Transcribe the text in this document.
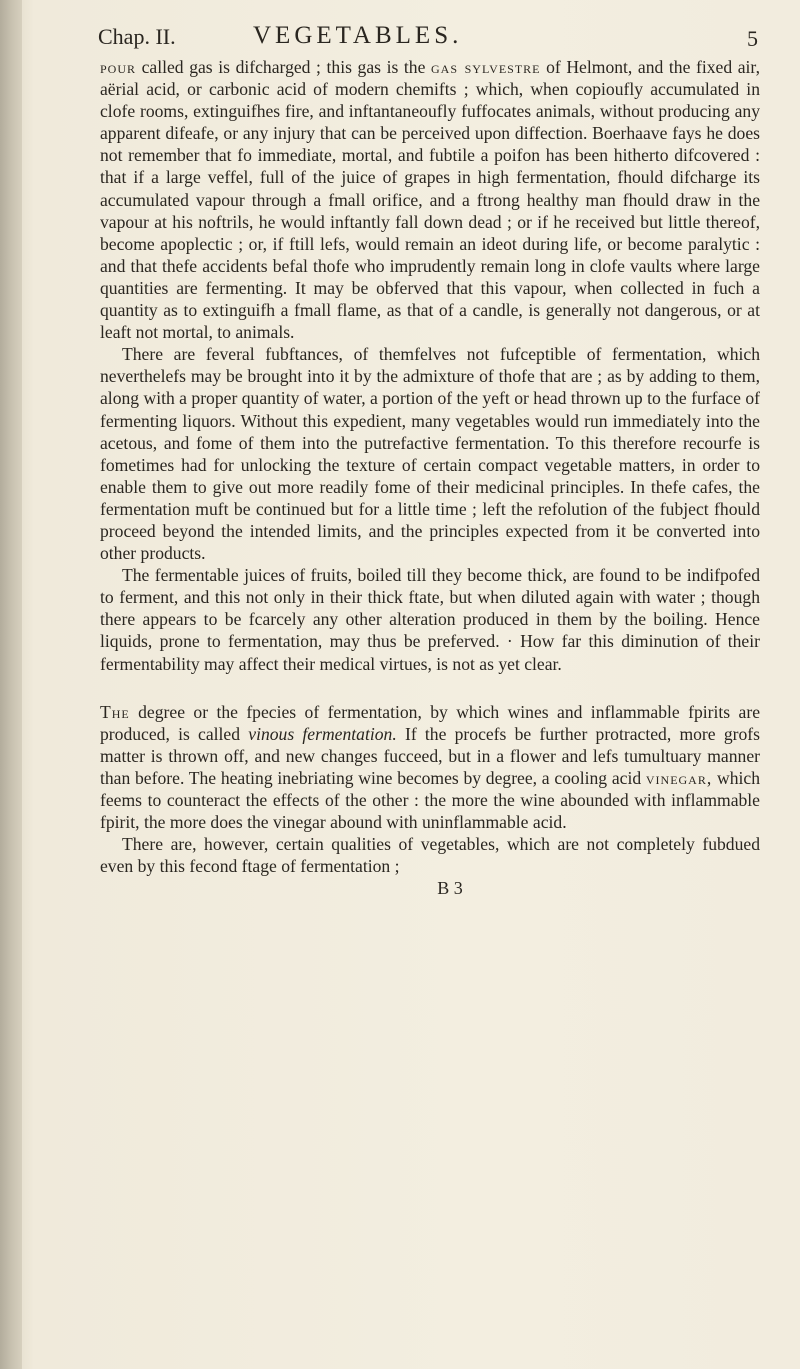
Chap. II.	VEGETABLES.	5

pour called gas is difcharged ; this gas is the gas sylvestre of Helmont, and the fixed air, aërial acid, or carbonic acid of modern chemifts ; which, when copioufly accumulated in clofe rooms, extinguifhes fire, and inftantaneoufly fuffocates animals, without producing any apparent difeafe, or any injury that can be perceived upon diffection. Boerhaave fays he does not remember that fo immediate, mortal, and fubtile a poifon has been hitherto difcovered : that if a large veffel, full of the juice of grapes in high fermentation, fhould difcharge its accumulated vapour through a fmall orifice, and a ftrong healthy man fhould draw in the vapour at his noftrils, he would inftantly fall down dead ; or if he received but little thereof, become apoplectic ; or, if ftill lefs, would remain an ideot during life, or become paralytic : and that thefe accidents befal thofe who imprudently remain long in clofe vaults where large quantities are fermenting. It may be obferved that this vapour, when collected in fuch a quantity as to extinguifh a fmall flame, as that of a candle, is generally not dangerous, or at leaft not mortal, to animals.

There are feveral fubftances, of themfelves not fufceptible of fermentation, which neverthelefs may be brought into it by the admixture of thofe that are ; as by adding to them, along with a proper quantity of water, a portion of the yeft or head thrown up to the furface of fermenting liquors. Without this expedient, many vegetables would run immediately into the acetous, and fome of them into the putrefactive fermentation. To this therefore recourfe is fometimes had for unlocking the texture of certain compact vegetable matters, in order to enable them to give out more readily fome of their medicinal principles. In thefe cafes, the fermentation muft be continued but for a little time ; left the refolution of the fubject fhould proceed beyond the intended limits, and the principles expected from it be converted into other products.

The fermentable juices of fruits, boiled till they become thick, are found to be indifpofed to ferment, and this not only in their thick ftate, but when diluted again with water ; though there appears to be fcarcely any other alteration produced in them by the boiling. Hence liquids, prone to fermentation, may thus be preferved. · How far this diminution of their fermentability may affect their medical virtues, is not as yet clear.

The degree or the fpecies of fermentation, by which wines and inflammable fpirits are produced, is called vinous fermentation. If the procefs be further protracted, more grofs matter is thrown off, and new changes fucceed, but in a flower and lefs tumultuary manner than before. The heating inebriating wine becomes by degree, a cooling acid vinegar, which feems to counteract the effects of the other : the more the wine abounded with inflammable fpirit, the more does the vinegar abound with uninflammable acid.

There are, however, certain qualities of vegetables, which are not completely fubdued even by this fecond ftage of fermentation ;

B 3
